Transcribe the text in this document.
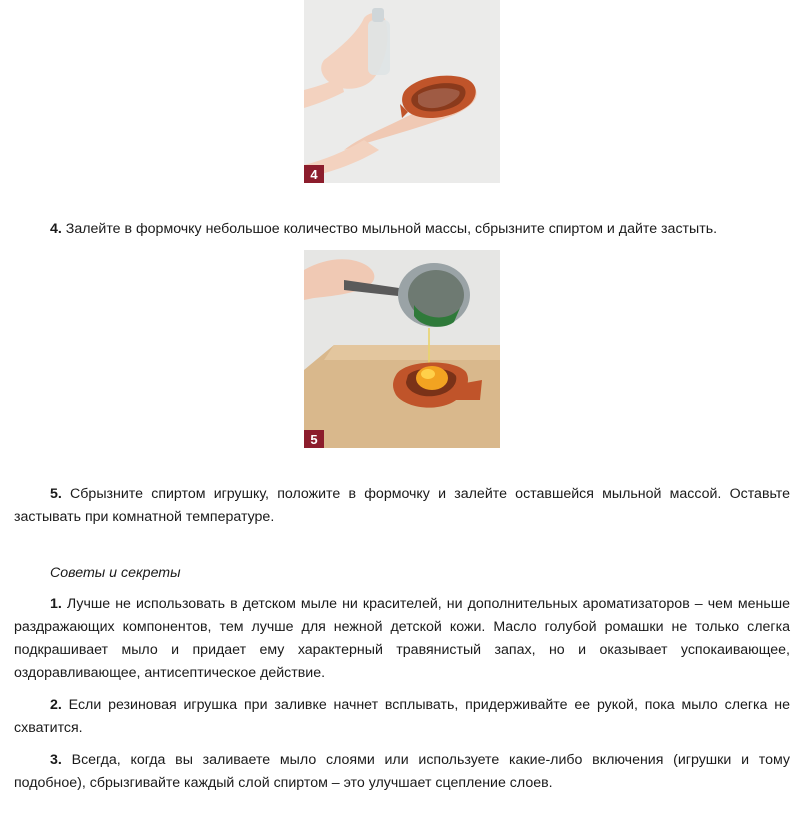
4

4. Залейте в формочку небольшое количество мыльной массы, сбрызните спиртом и дайте застыть.

5

5. Сбрызните спиртом игрушку, положите в формочку и залейте оставшейся мыльной массой. Оставьте застывать при комнатной температуре.

Советы и секреты

1. Лучше не использовать в детском мыле ни красителей, ни дополнительных ароматизаторов – чем меньше раздражающих компонентов, тем лучше для нежной детской кожи. Масло голубой ромашки не только слегка подкрашивает мыло и придает ему характерный травянистый запах, но и оказывает успокаивающее, оздоравливающее, антисептическое действие.

2. Если резиновая игрушка при заливке начнет всплывать, придерживайте ее рукой, пока мыло слегка не схватится.

3. Всегда, когда вы заливаете мыло слоями или используете какие-либо включения (игрушки и тому подобное), сбрызгивайте каждый слой спиртом – это улучшает сцепление слоев.
